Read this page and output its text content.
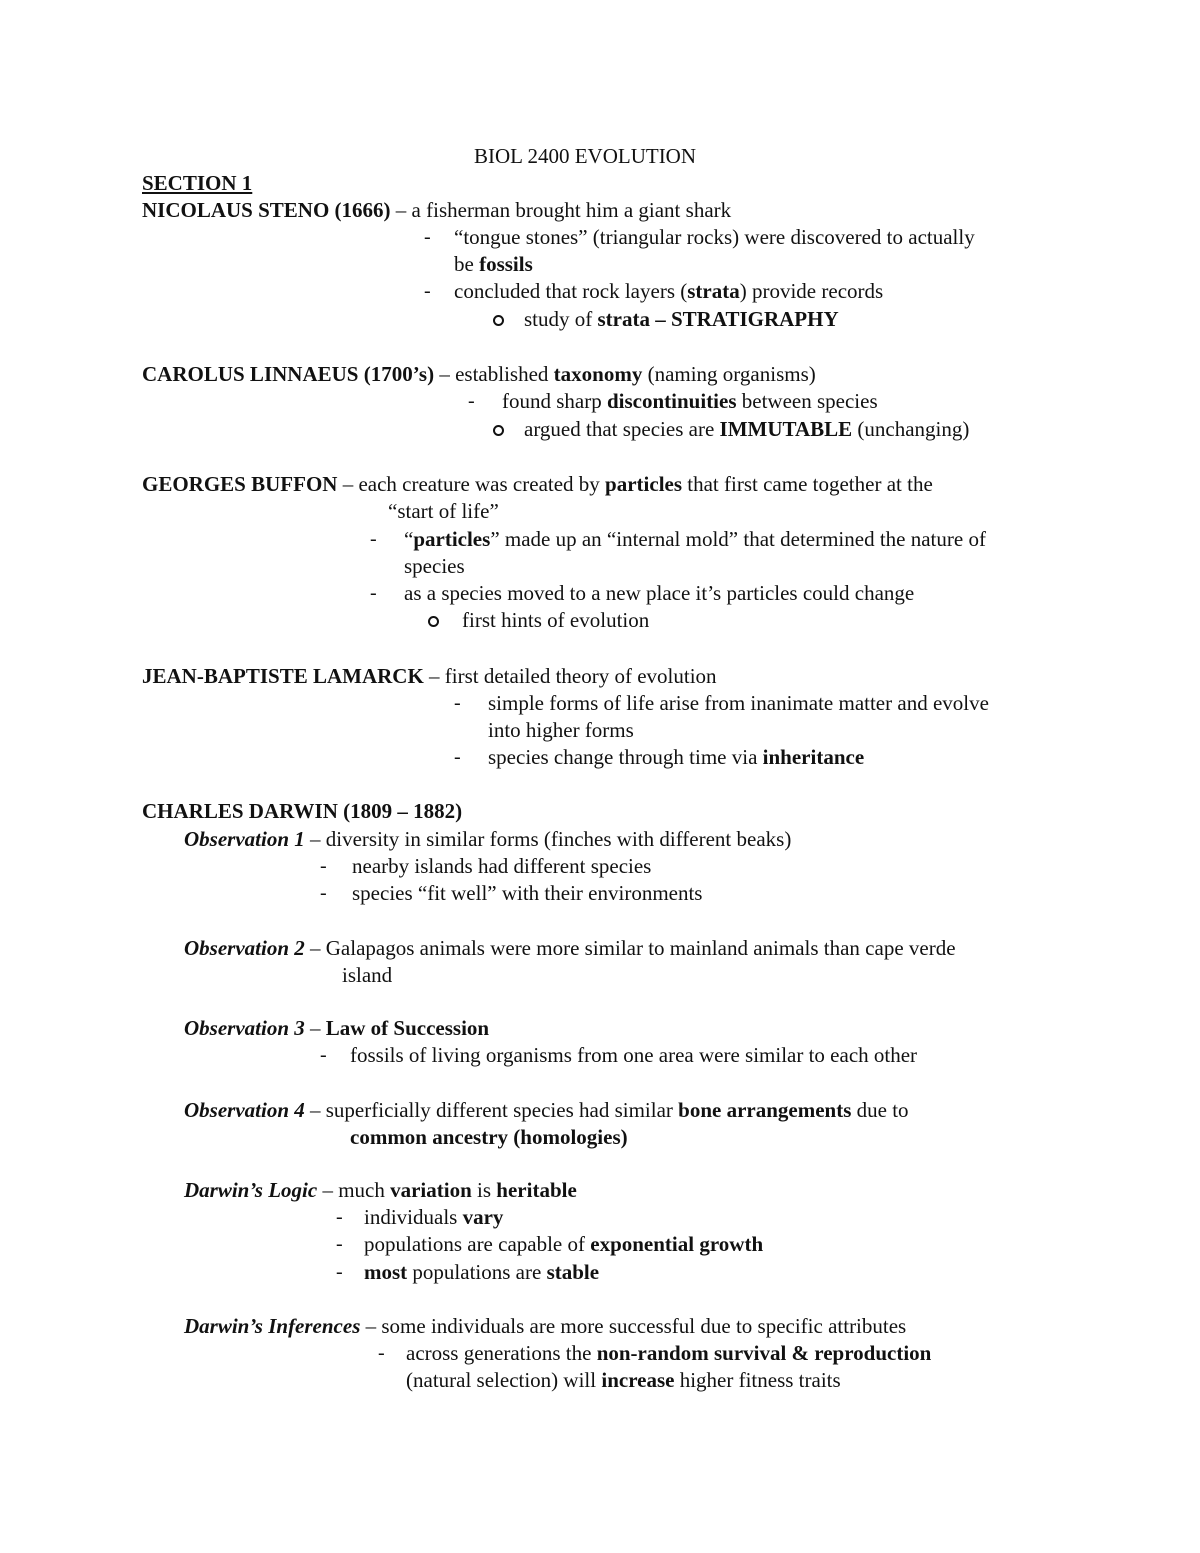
BIOL 2400 EVOLUTION
SECTION 1
NICOLAUS STENO (1666) – a fisherman brought him a giant shark
- “tongue stones” (triangular rocks) were discovered to actually
be fossils
- concluded that rock layers (strata) provide records
study of strata – STRATIGRAPHY
CAROLUS LINNAEUS (1700’s) – established taxonomy (naming organisms)
- found sharp discontinuities between species
argued that species are IMMUTABLE (unchanging)
GEORGES BUFFON – each creature was created by particles that first came together at the
“start of life”
- “particles” made up an “internal mold” that determined the nature of
species
- as a species moved to a new place it’s particles could change
first hints of evolution
JEAN-BAPTISTE LAMARCK – first detailed theory of evolution
- simple forms of life arise from inanimate matter and evolve
into higher forms
- species change through time via inheritance
CHARLES DARWIN (1809 – 1882)
Observation 1 – diversity in similar forms (finches with different beaks)
- nearby islands had different species
- species “fit well” with their environments
Observation 2 – Galapagos animals were more similar to mainland animals than cape verde
island
Observation 3 – Law of Succession
- fossils of living organisms from one area were similar to each other
Observation 4 – superficially different species had similar bone arrangements due to
common ancestry (homologies)
Darwin’s Logic – much variation is heritable
- individuals vary
- populations are capable of exponential growth
- most populations are stable
Darwin’s Inferences – some individuals are more successful due to specific attributes
- across generations the non-random survival & reproduction
(natural selection) will increase higher fitness traits
